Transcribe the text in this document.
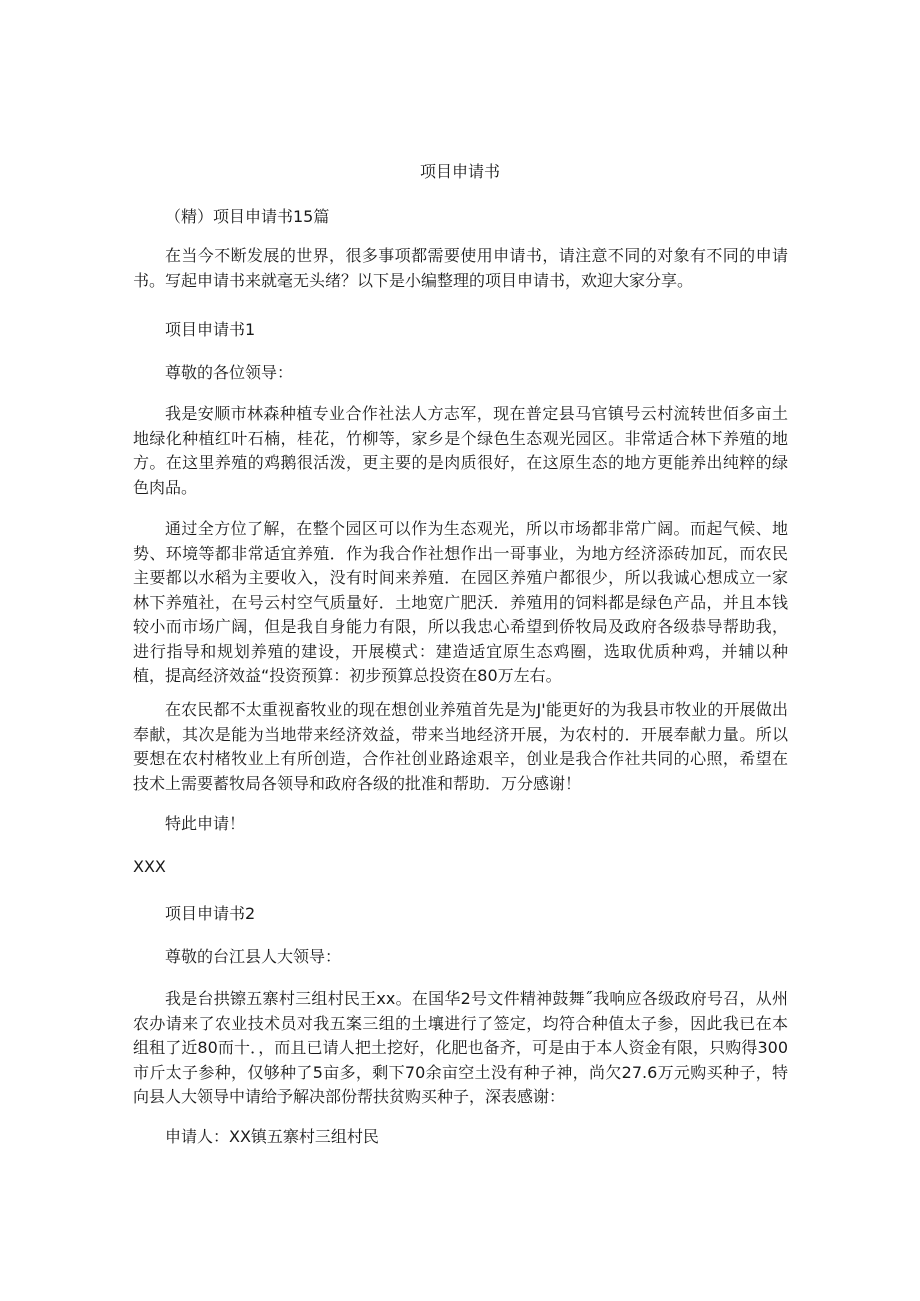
项目申请书
（精）项目申请书15篇
在当今不断发展的世界，很多事项都需要使用申请书，请注意不同的对象有不同的申请书。写起申请书来就毫无头绪？以下是小编整理的项目申请书，欢迎大家分享。
项目申请书1
尊敬的各位领导：
我是安顺市林森种植专业合作社法人方志军，现在普定县马官镇号云村流转世佰多亩土地绿化种植红叶石楠，桂花，竹柳等，家乡是个绿色生态观光园区。非常适合林下养殖的地方。在这里养殖的鸡鹅很活泼，更主要的是肉质很好，在这原生态的地方更能养出纯粹的绿色肉品。
通过全方位了解，在整个园区可以作为生态观光，所以市场都非常广阔。而起气候、地势、环境等都非常适宜养殖．作为我合作社想作出一哥事业，为地方经济添砖加瓦，而农民主要都以水稻为主要收入，没有时间来养殖．在园区养殖户都很少，所以我诚心想成立一家林下养殖社，在号云村空气质量好．土地宽广肥沃．养殖用的饲料都是绿色产品，并且本钱较小而市场广阔，但是我自身能力有限，所以我忠心希望到侨牧局及政府各级恭导帮助我，进行指导和规划养殖的建设，开展模式：建造适宜原生态鸡圈，选取优质种鸡，并辅以种植，提高经济效益“投资预算：初步预算总投资在80万左右。
在农民都不太重视畜牧业的现在想创业养殖首先是为J'能更好的为我县市牧业的开展做出奉献，其次是能为当地带来经济效益，带来当地经济开展，为农村的．开展奉献力量。所以要想在农村楮牧业上有所创造，合作社创业路途艰辛，创业是我合作社共同的心照，希望在技术上需要蓄牧局各领导和政府各级的批准和帮助．万分感谢！
特此申请！
XXX
项目申请书2
尊敬的台江县人大领导：
我是台拱镲五寨村三组村民王xx。在国华2号文件精神鼓舞˝我响应各级政府号召，从州农办请来了农业技术员对我五案三组的土壤进行了签定，均符合种值太子参，因此我已在本组租了近80而十．，而且已请人把土挖好，化肥也备齐，可是由于本人资金有限，只购得300市斤太子参种，仅够种了5亩多，剩下70余亩空土没有种子神，尚欠27.6万元购买种子，特向县人大领导中请给予解决部份帮扶贫购买种子，深表感谢：
申请人：XX镇五寨村三组村民
